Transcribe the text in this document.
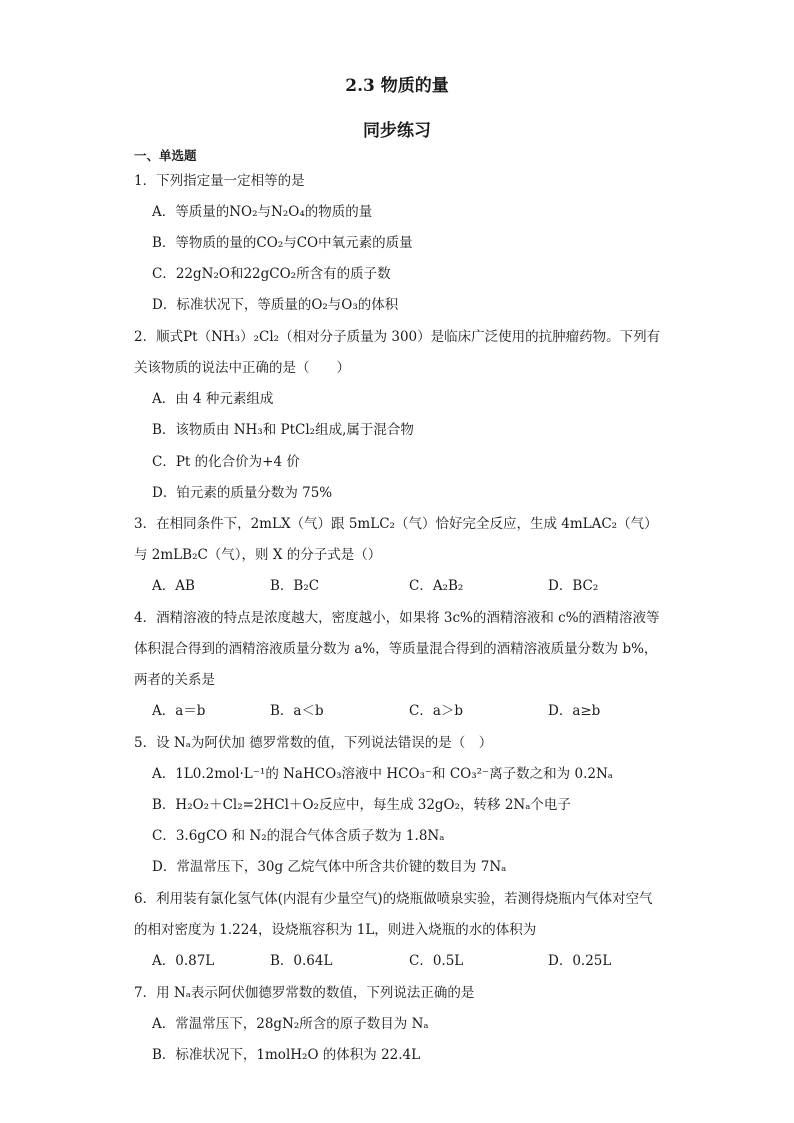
2.3 物质的量
同步练习
一、单选题
1．下列指定量一定相等的是
A．等质量的NO₂与N₂O₄的物质的量
B．等物质的量的CO₂与CO中氧元素的质量
C．22gN₂O和22gCO₂所含有的质子数
D．标准状况下，等质量的O₂与O₃的体积
2．顺式Pt（NH₃）₂Cl₂（相对分子质量为 300）是临床广泛使用的抗肿瘤药物。下列有
关该物质的说法中正确的是（　　）
A．由 4 种元素组成
B．该物质由 NH₃和 PtCl₂组成,属于混合物
C．Pt 的化合价为+4 价
D．铂元素的质量分数为 75%
3．在相同条件下，2mLX（气）跟 5mLC₂（气）恰好完全反应，生成 4mLAC₂（气）
与 2mLB₂C（气），则 X 的分子式是（）
A．AB	B．B₂C	C．A₂B₂	D．BC₂
4．酒精溶液的特点是浓度越大，密度越小，如果将 3c%的酒精溶液和 c%的酒精溶液等
体积混合得到的酒精溶液质量分数为 a%，等质量混合得到的酒精溶液质量分数为 b%，
两者的关系是
A．a＝b	B．a＜b	C．a＞b	D．a≥b
5．设 Nₐ为阿伏加 德罗常数的值，下列说法错误的是（　）
A．1L0.2mol·L⁻¹的 NaHCO₃溶液中 HCO₃⁻和 CO₃²⁻离子数之和为 0.2Nₐ
B．H₂O₂＋Cl₂=2HCl＋O₂反应中，每生成 32gO₂，转移 2Nₐ个电子
C．3.6gCO 和 N₂的混合气体含质子数为 1.8Nₐ
D．常温常压下，30g 乙烷气体中所含共价键的数目为 7Nₐ
6．利用装有氯化氢气体(内混有少量空气)的烧瓶做喷泉实验，若测得烧瓶内气体对空气
的相对密度为 1.224，设烧瓶容积为 1L，则进入烧瓶的水的体积为
A．0.87L	B．0.64L	C．0.5L	D．0.25L
7．用 Nₐ表示阿伏伽德罗常数的数值，下列说法正确的是
A．常温常压下，28gN₂所含的原子数目为 Nₐ
B．标准状况下，1molH₂O 的体积为 22.4L
